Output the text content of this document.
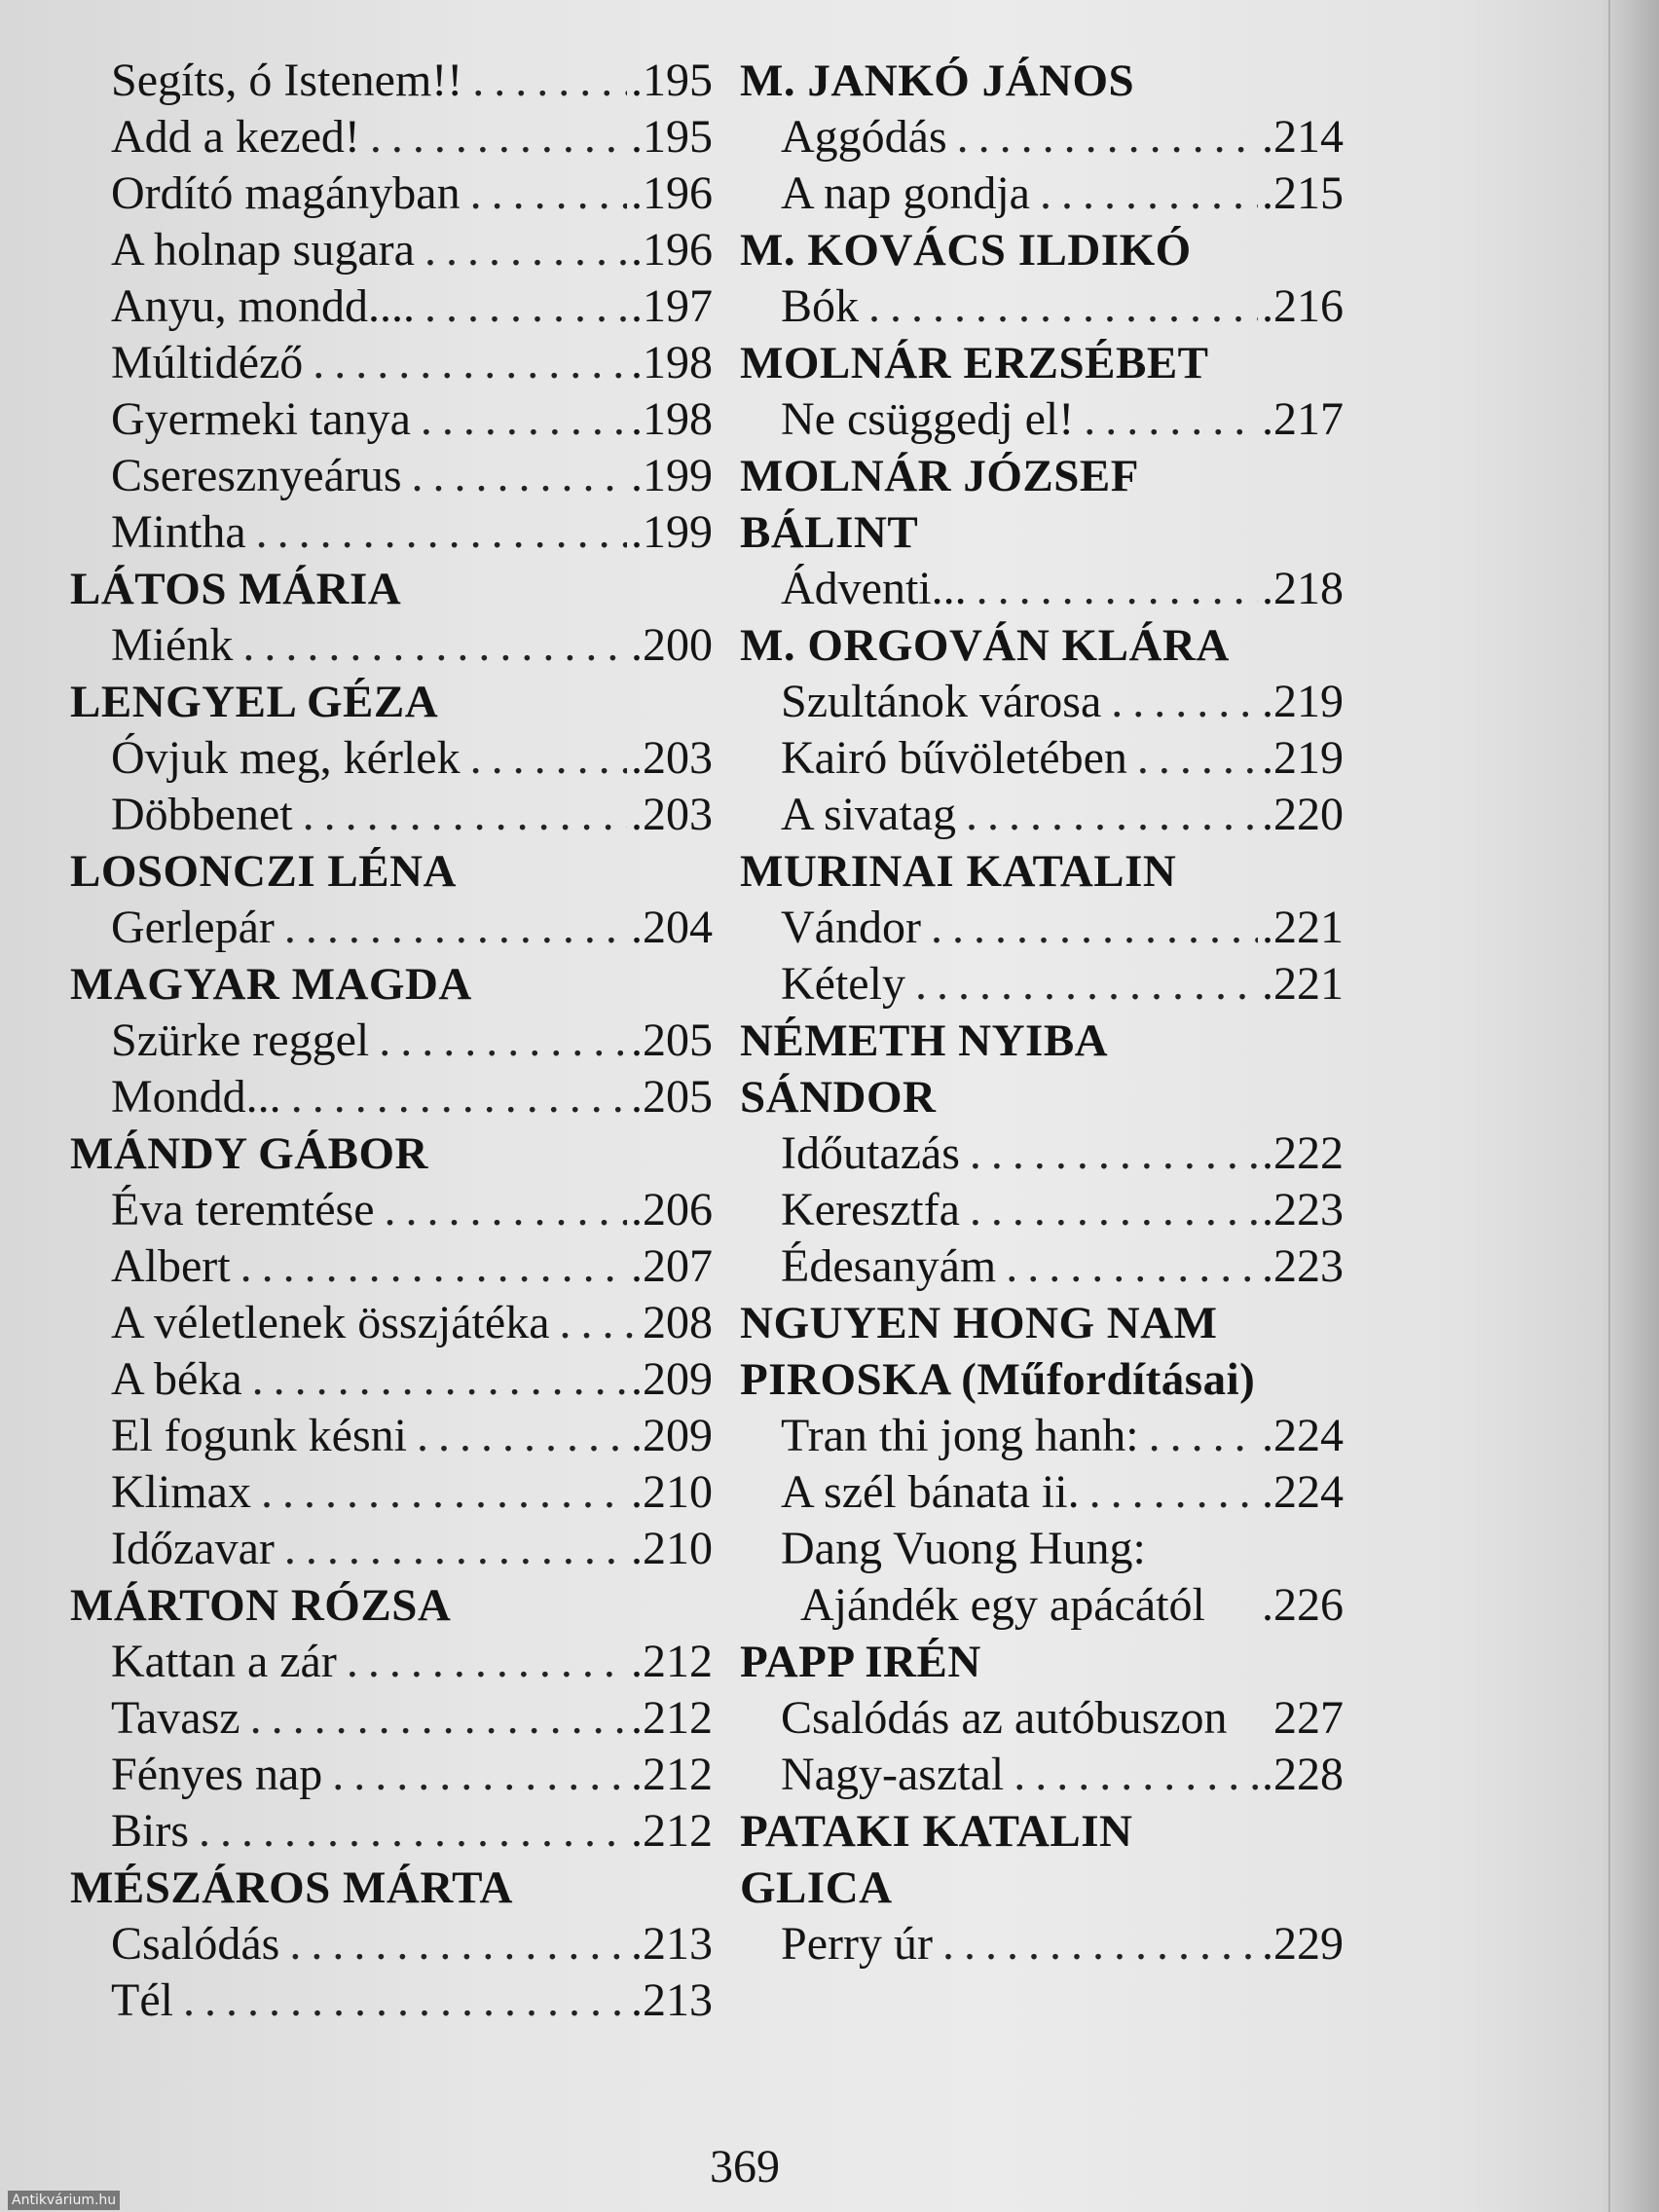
Segíts, ó Istenem!! . . .	.195
Add a kezed! . . .	.195
Ordító magányban . . .	.196
A holnap sugara . . .	.196
Anyu, mondd.... . . .	.197
Múltidéző . . .	.198
Gyermeki tanya . . .	.198
Cseresznyeárus . . .	.199
Mintha . . .	.199
LÁTOS MÁRIA
Miénk . . .	.200
LENGYEL GÉZA
Óvjuk meg, kérlek . . .	.203
Döbbenet . . .	.203
LOSONCZI LÉNA
Gerlepár . . .	.204
MAGYAR MAGDA
Szürke reggel . . .	.205
Mondd... . . .	.205
MÁNDY GÁBOR
Éva teremtése . . .	.206
Albert . . .	.207
A véletlenek összjátéka . . . 208
A béka . . .	.209
El fogunk késni . . .	.209
Klimax . . .	.210
Időzavar . . .	.210
MÁRTON RÓZSA
Kattan a zár . . .	.212
Tavasz . . .	.212
Fényes nap . . .	.212
Birs . . .	.212
MÉSZÁROS MÁRTA
Csalódás . . .	.213
Tél . . .	.213
M. JANKÓ JÁNOS
Aggódás . . .	.214
A nap gondja . . .	.215
M. KOVÁCS ILDIKÓ
Bók . . .	.216
MOLNÁR ERZSÉBET
Ne csüggedj el! . . .	.217
MOLNÁR JÓZSEF
BÁLINT
Ádventi... . . .	.218
M. ORGOVÁN KLÁRA
Szultánok városa . . .	.219
Kairó bűvöletében . . .	.219
A sivatag . . .	.220
MURINAI KATALIN
Vándor . . .	.221
Kétely . . .	.221
NÉMETH NYIBA
SÁNDOR
Időutazás . . .	.222
Keresztfa . . .	.223
Édesanyám . . .	.223
NGUYEN HONG NAM
PIROSKA (Műfordításai)
Tran thi jong hanh: . . .	.224
A szél bánata ii. . . .	.224
Dang Vuong Hung:
Ajándék egy apácától .226
PAPP IRÉN
Csalódás az autóbuszon 227
Nagy-asztal . . .	.228
PATAKI KATALIN
GLICA
Perry úr . . .	.229
369
Antikvárium.hu
